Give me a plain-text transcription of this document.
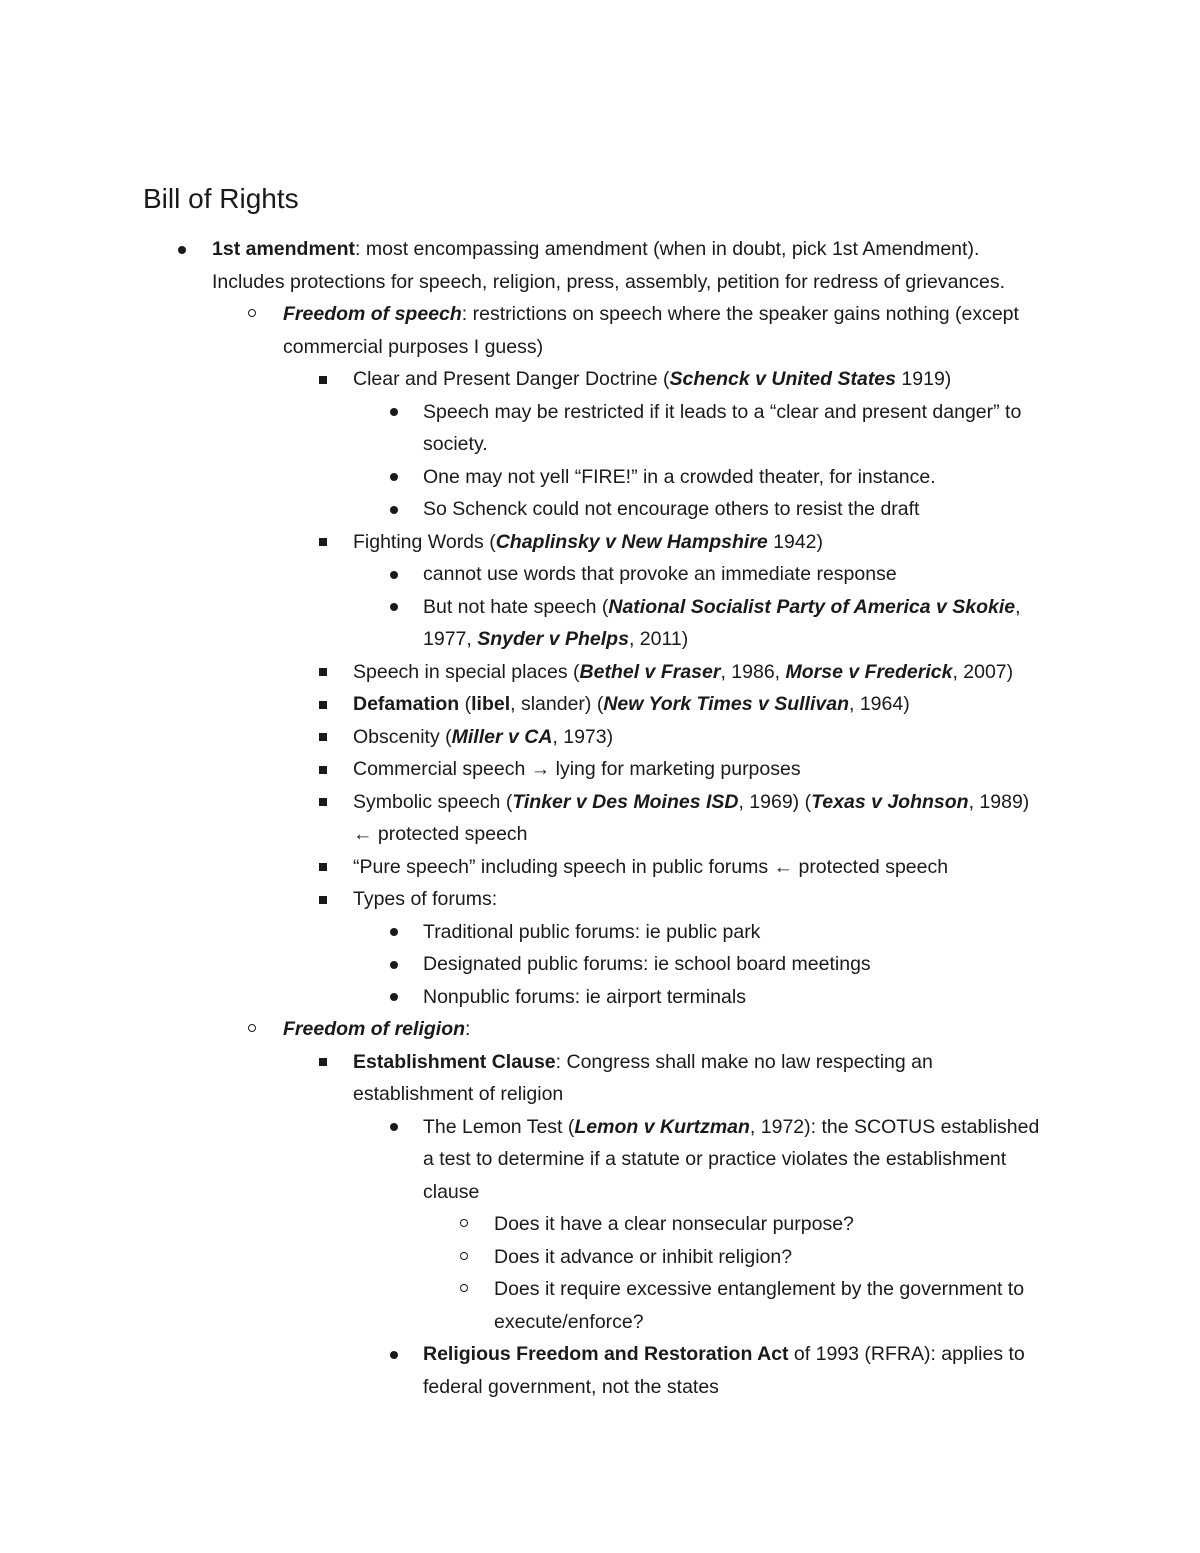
Bill of Rights
1st amendment: most encompassing amendment (when in doubt, pick 1st Amendment). Includes protections for speech, religion, press, assembly, petition for redress of grievances.
Freedom of speech: restrictions on speech where the speaker gains nothing (except commercial purposes I guess)
Clear and Present Danger Doctrine (Schenck v United States 1919)
Speech may be restricted if it leads to a “clear and present danger” to society.
One may not yell “FIRE!” in a crowded theater, for instance.
So Schenck could not encourage others to resist the draft
Fighting Words (Chaplinsky v New Hampshire 1942)
cannot use words that provoke an immediate response
But not hate speech (National Socialist Party of America v Skokie, 1977, Snyder v Phelps, 2011)
Speech in special places (Bethel v Fraser, 1986, Morse v Frederick, 2007)
Defamation (libel, slander) (New York Times v Sullivan, 1964)
Obscenity (Miller v CA, 1973)
Commercial speech → lying for marketing purposes
Symbolic speech (Tinker v Des Moines ISD, 1969) (Texas v Johnson, 1989) ← protected speech
“Pure speech” including speech in public forums ← protected speech
Types of forums:
Traditional public forums: ie public park
Designated public forums: ie school board meetings
Nonpublic forums: ie airport terminals
Freedom of religion:
Establishment Clause: Congress shall make no law respecting an establishment of religion
The Lemon Test (Lemon v Kurtzman, 1972): the SCOTUS established a test to determine if a statute or practice violates the establishment clause
Does it have a clear nonsecular purpose?
Does it advance or inhibit religion?
Does it require excessive entanglement by the government to execute/enforce?
Religious Freedom and Restoration Act of 1993 (RFRA): applies to federal government, not the states
